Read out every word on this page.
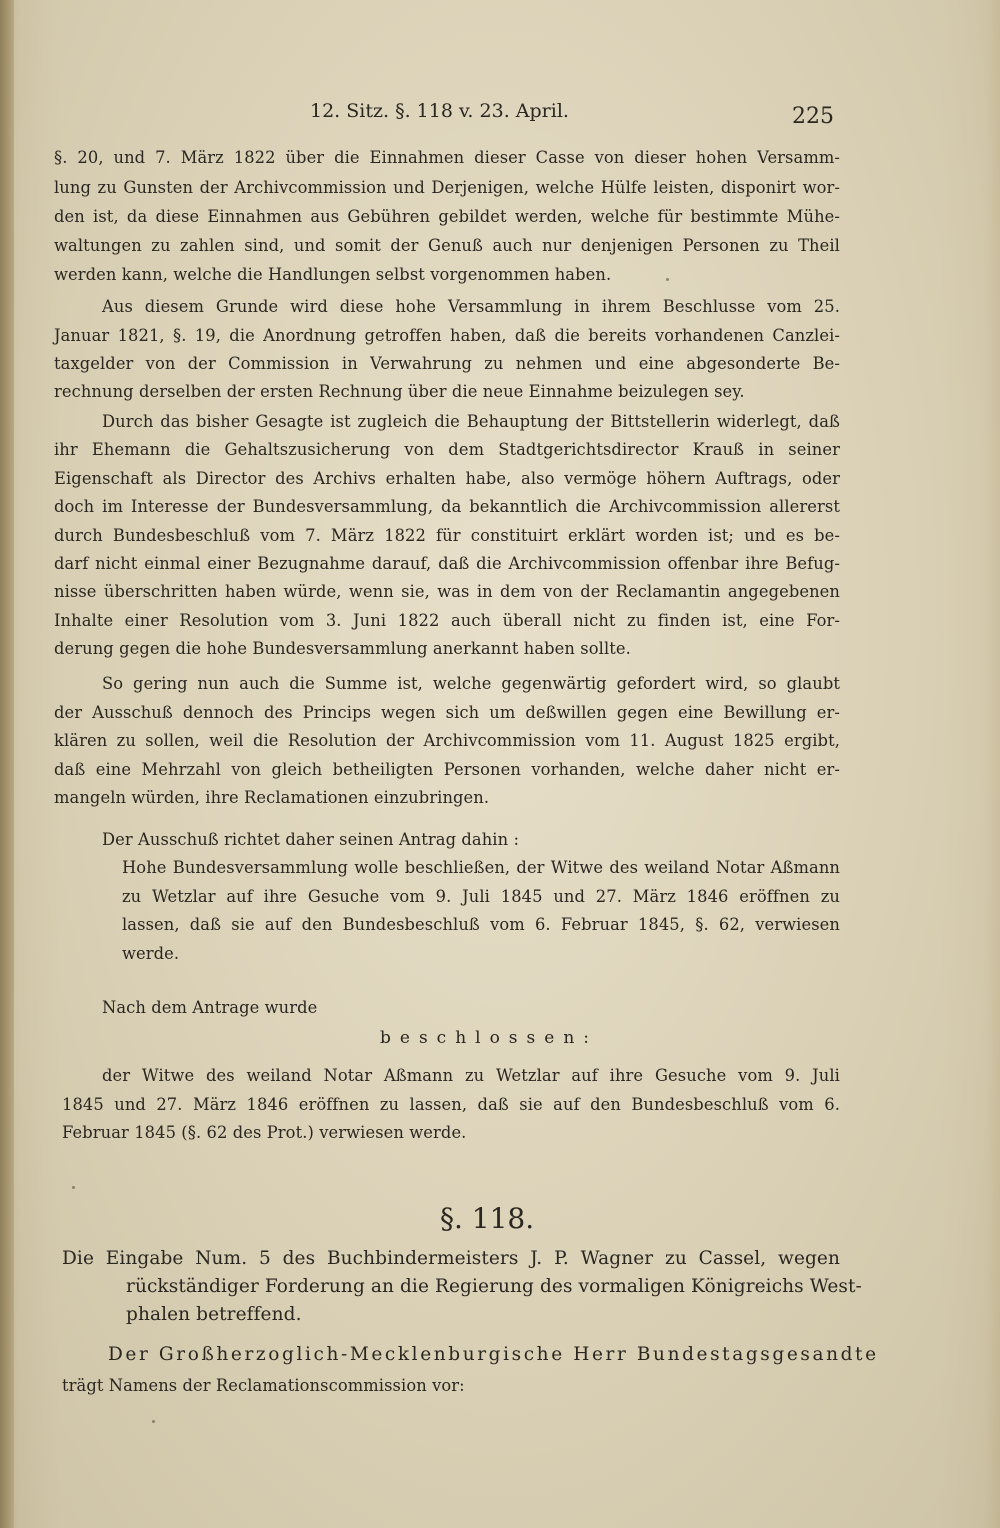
12. Sitz. §. 118 v. 23. April.	225
§. 20, und 7. März 1822 über die Einnahmen dieser Casse von dieser hohen Versamm-
lung zu Gunsten der Archivcommission und Derjenigen, welche Hülfe leisten, disponirt wor-
den ist, da diese Einnahmen aus Gebühren gebildet werden, welche für bestimmte Mühe-
waltungen zu zahlen sind, und somit der Genuß auch nur denjenigen Personen zu Theil
werden kann, welche die Handlungen selbst vorgenommen haben.
Aus diesem Grunde wird diese hohe Versammlung in ihrem Beschlusse vom 25.
Januar 1821, §. 19, die Anordnung getroffen haben, daß die bereits vorhandenen Canzlei-
taxgelder von der Commission in Verwahrung zu nehmen und eine abgesonderte Be-
rechnung derselben der ersten Rechnung über die neue Einnahme beizulegen sey.
Durch das bisher Gesagte ist zugleich die Behauptung der Bittstellerin widerlegt, daß
ihr Ehemann die Gehaltszusicherung von dem Stadtgerichtsdirector Krauß in seiner
Eigenschaft als Director des Archivs erhalten habe, also vermöge höhern Auftrags, oder
doch im Interesse der Bundesversammlung, da bekanntlich die Archivcommission allererst
durch Bundesbeschluß vom 7. März 1822 für constituirt erklärt worden ist; und es be-
darf nicht einmal einer Bezugnahme darauf, daß die Archivcommission offenbar ihre Befug-
nisse überschritten haben würde, wenn sie, was in dem von der Reclamantin angegebenen
Inhalte einer Resolution vom 3. Juni 1822 auch überall nicht zu finden ist, eine For-
derung gegen die hohe Bundesversammlung anerkannt haben sollte.
So gering nun auch die Summe ist, welche gegenwärtig gefordert wird, so glaubt
der Ausschuß dennoch des Princips wegen sich um deßwillen gegen eine Bewillung er-
klären zu sollen, weil die Resolution der Archivcommission vom 11. August 1825 ergibt,
daß eine Mehrzahl von gleich betheiligten Personen vorhanden, welche daher nicht er-
mangeln würden, ihre Reclamationen einzubringen.
Der Ausschuß richtet daher seinen Antrag dahin :
Hohe Bundesversammlung wolle beschließen, der Witwe des weiland Notar Aßmann
zu Wetzlar auf ihre Gesuche vom 9. Juli 1845 und 27. März 1846 eröffnen zu
lassen, daß sie auf den Bundesbeschluß vom 6. Februar 1845, §. 62, verwiesen
werde.
Nach dem Antrage wurde
beschlossen:
der Witwe des weiland Notar Aßmann zu Wetzlar auf ihre Gesuche vom 9. Juli
1845 und 27. März 1846 eröffnen zu lassen, daß sie auf den Bundesbeschluß vom 6.
Februar 1845 (§. 62 des Prot.) verwiesen werde.
§. 118.
Die Eingabe Num. 5 des Buchbindermeisters J. P. Wagner zu Cassel, wegen
rückständiger Forderung an die Regierung des vormaligen Königreichs West-
phalen betreffend.
Der Großherzoglich-Mecklenburgische Herr Bundestagsgesandte
trägt Namens der Reclamationscommission vor:
